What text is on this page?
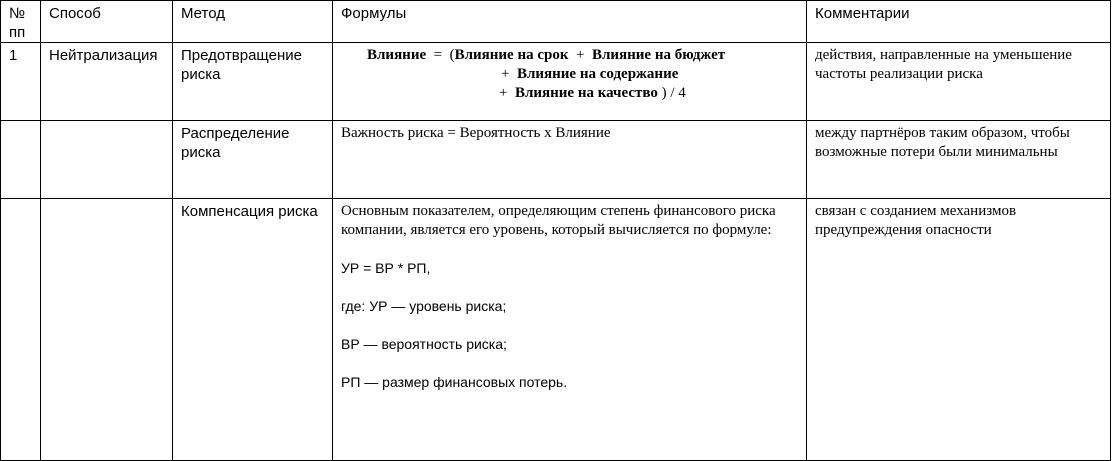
№ пп	Способ	Метод	Формулы	Комментарии
1	Нейтрализация	Предотвращение риска	Влияние = (Влияние на срок + Влияние на бюджет
+ Влияние на содержание
+ Влияние на качество ) / 4	действия, направленные на уменьшение частоты реализации риска
		Распределение риска	Важность риска = Вероятность х Влияние	между партнёров таким образом, чтобы возможные потери были минимальны
		Компенсация риска	Основным показателем, определяющим степень финансового риска компании, является его уровень, который вычисляется по формуле:

УР = ВР * РП,

где: УР — уровень риска;

ВР — вероятность риска;

РП — размер финансовых потерь.	связан с созданием механизмов предупреждения опасности
